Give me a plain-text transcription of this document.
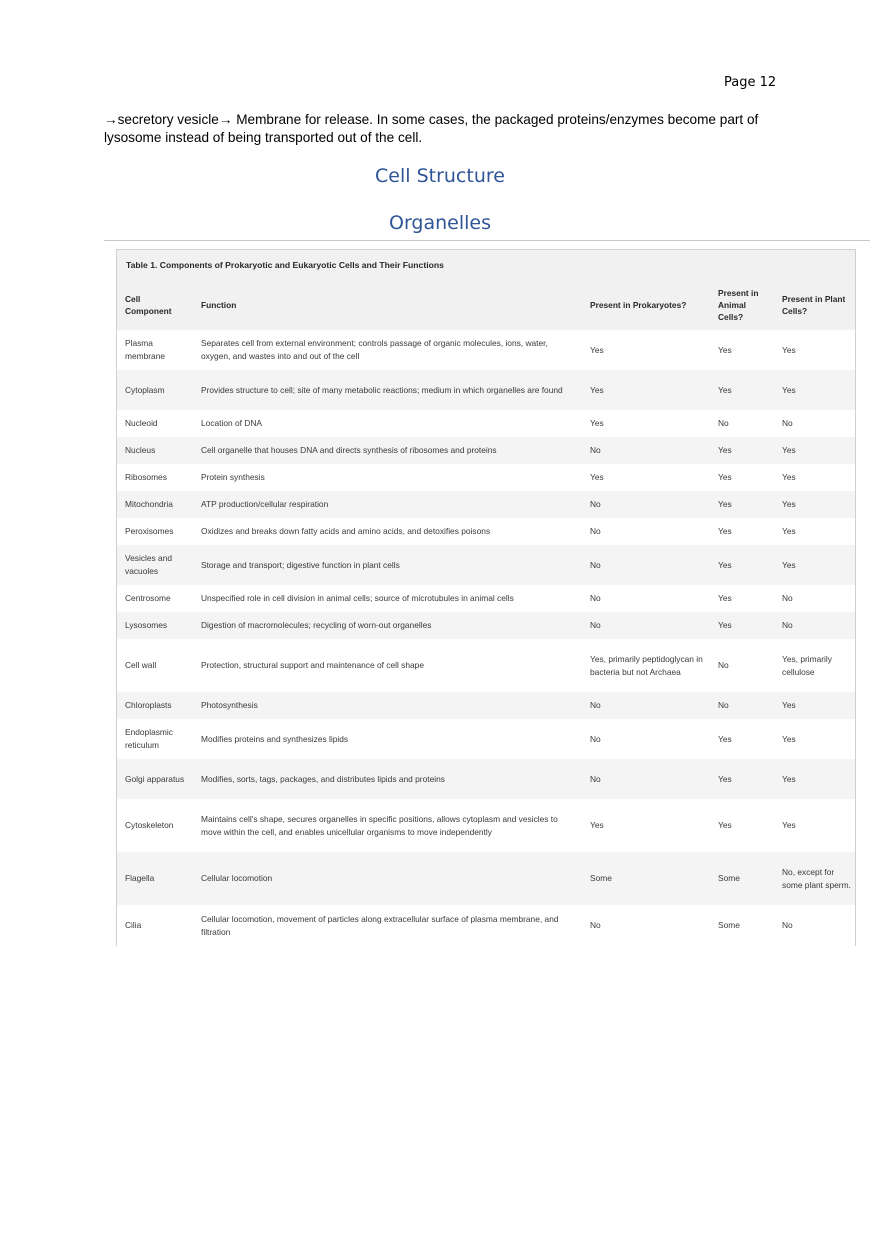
Page 12

→secretory vesicle→ Membrane for release. In some cases, the packaged proteins/enzymes become part of lysosome instead of being transported out of the cell.

Cell Structure
Organelles
Table 1. Components of Prokaryotic and Eukaryotic Cells and Their Functions
Cell Component	Function	Present in Prokaryotes?	Present in Animal Cells?	Present in Plant Cells?
Plasma membrane	Separates cell from external environment; controls passage of organic molecules, ions, water, oxygen, and wastes into and out of the cell	Yes	Yes	Yes
Cytoplasm	Provides structure to cell; site of many metabolic reactions; medium in which organelles are found	Yes	Yes	Yes
Nucleoid	Location of DNA	Yes	No	No
Nucleus	Cell organelle that houses DNA and directs synthesis of ribosomes and proteins	No	Yes	Yes
Ribosomes	Protein synthesis	Yes	Yes	Yes
Mitochondria	ATP production/cellular respiration	No	Yes	Yes
Peroxisomes	Oxidizes and breaks down fatty acids and amino acids, and detoxifies poisons	No	Yes	Yes
Vesicles and vacuoles	Storage and transport; digestive function in plant cells	No	Yes	Yes
Centrosome	Unspecified role in cell division in animal cells; source of microtubules in animal cells	No	Yes	No
Lysosomes	Digestion of macromolecules; recycling of worn-out organelles	No	Yes	No
Cell wall	Protection, structural support and maintenance of cell shape	Yes, primarily peptidoglycan in bacteria but not Archaea	No	Yes, primarily cellulose
Chloroplasts	Photosynthesis	No	No	Yes
Endoplasmic reticulum	Modifies proteins and synthesizes lipids	No	Yes	Yes
Golgi apparatus	Modifies, sorts, tags, packages, and distributes lipids and proteins	No	Yes	Yes
Cytoskeleton	Maintains cell's shape, secures organelles in specific positions, allows cytoplasm and vesicles to move within the cell, and enables unicellular organisms to move independently	Yes	Yes	Yes
Flagella	Cellular locomotion	Some	Some	No, except for some plant sperm.
Cilia	Cellular locomotion, movement of particles along extracellular surface of plasma membrane, and filtration	No	Some	No
